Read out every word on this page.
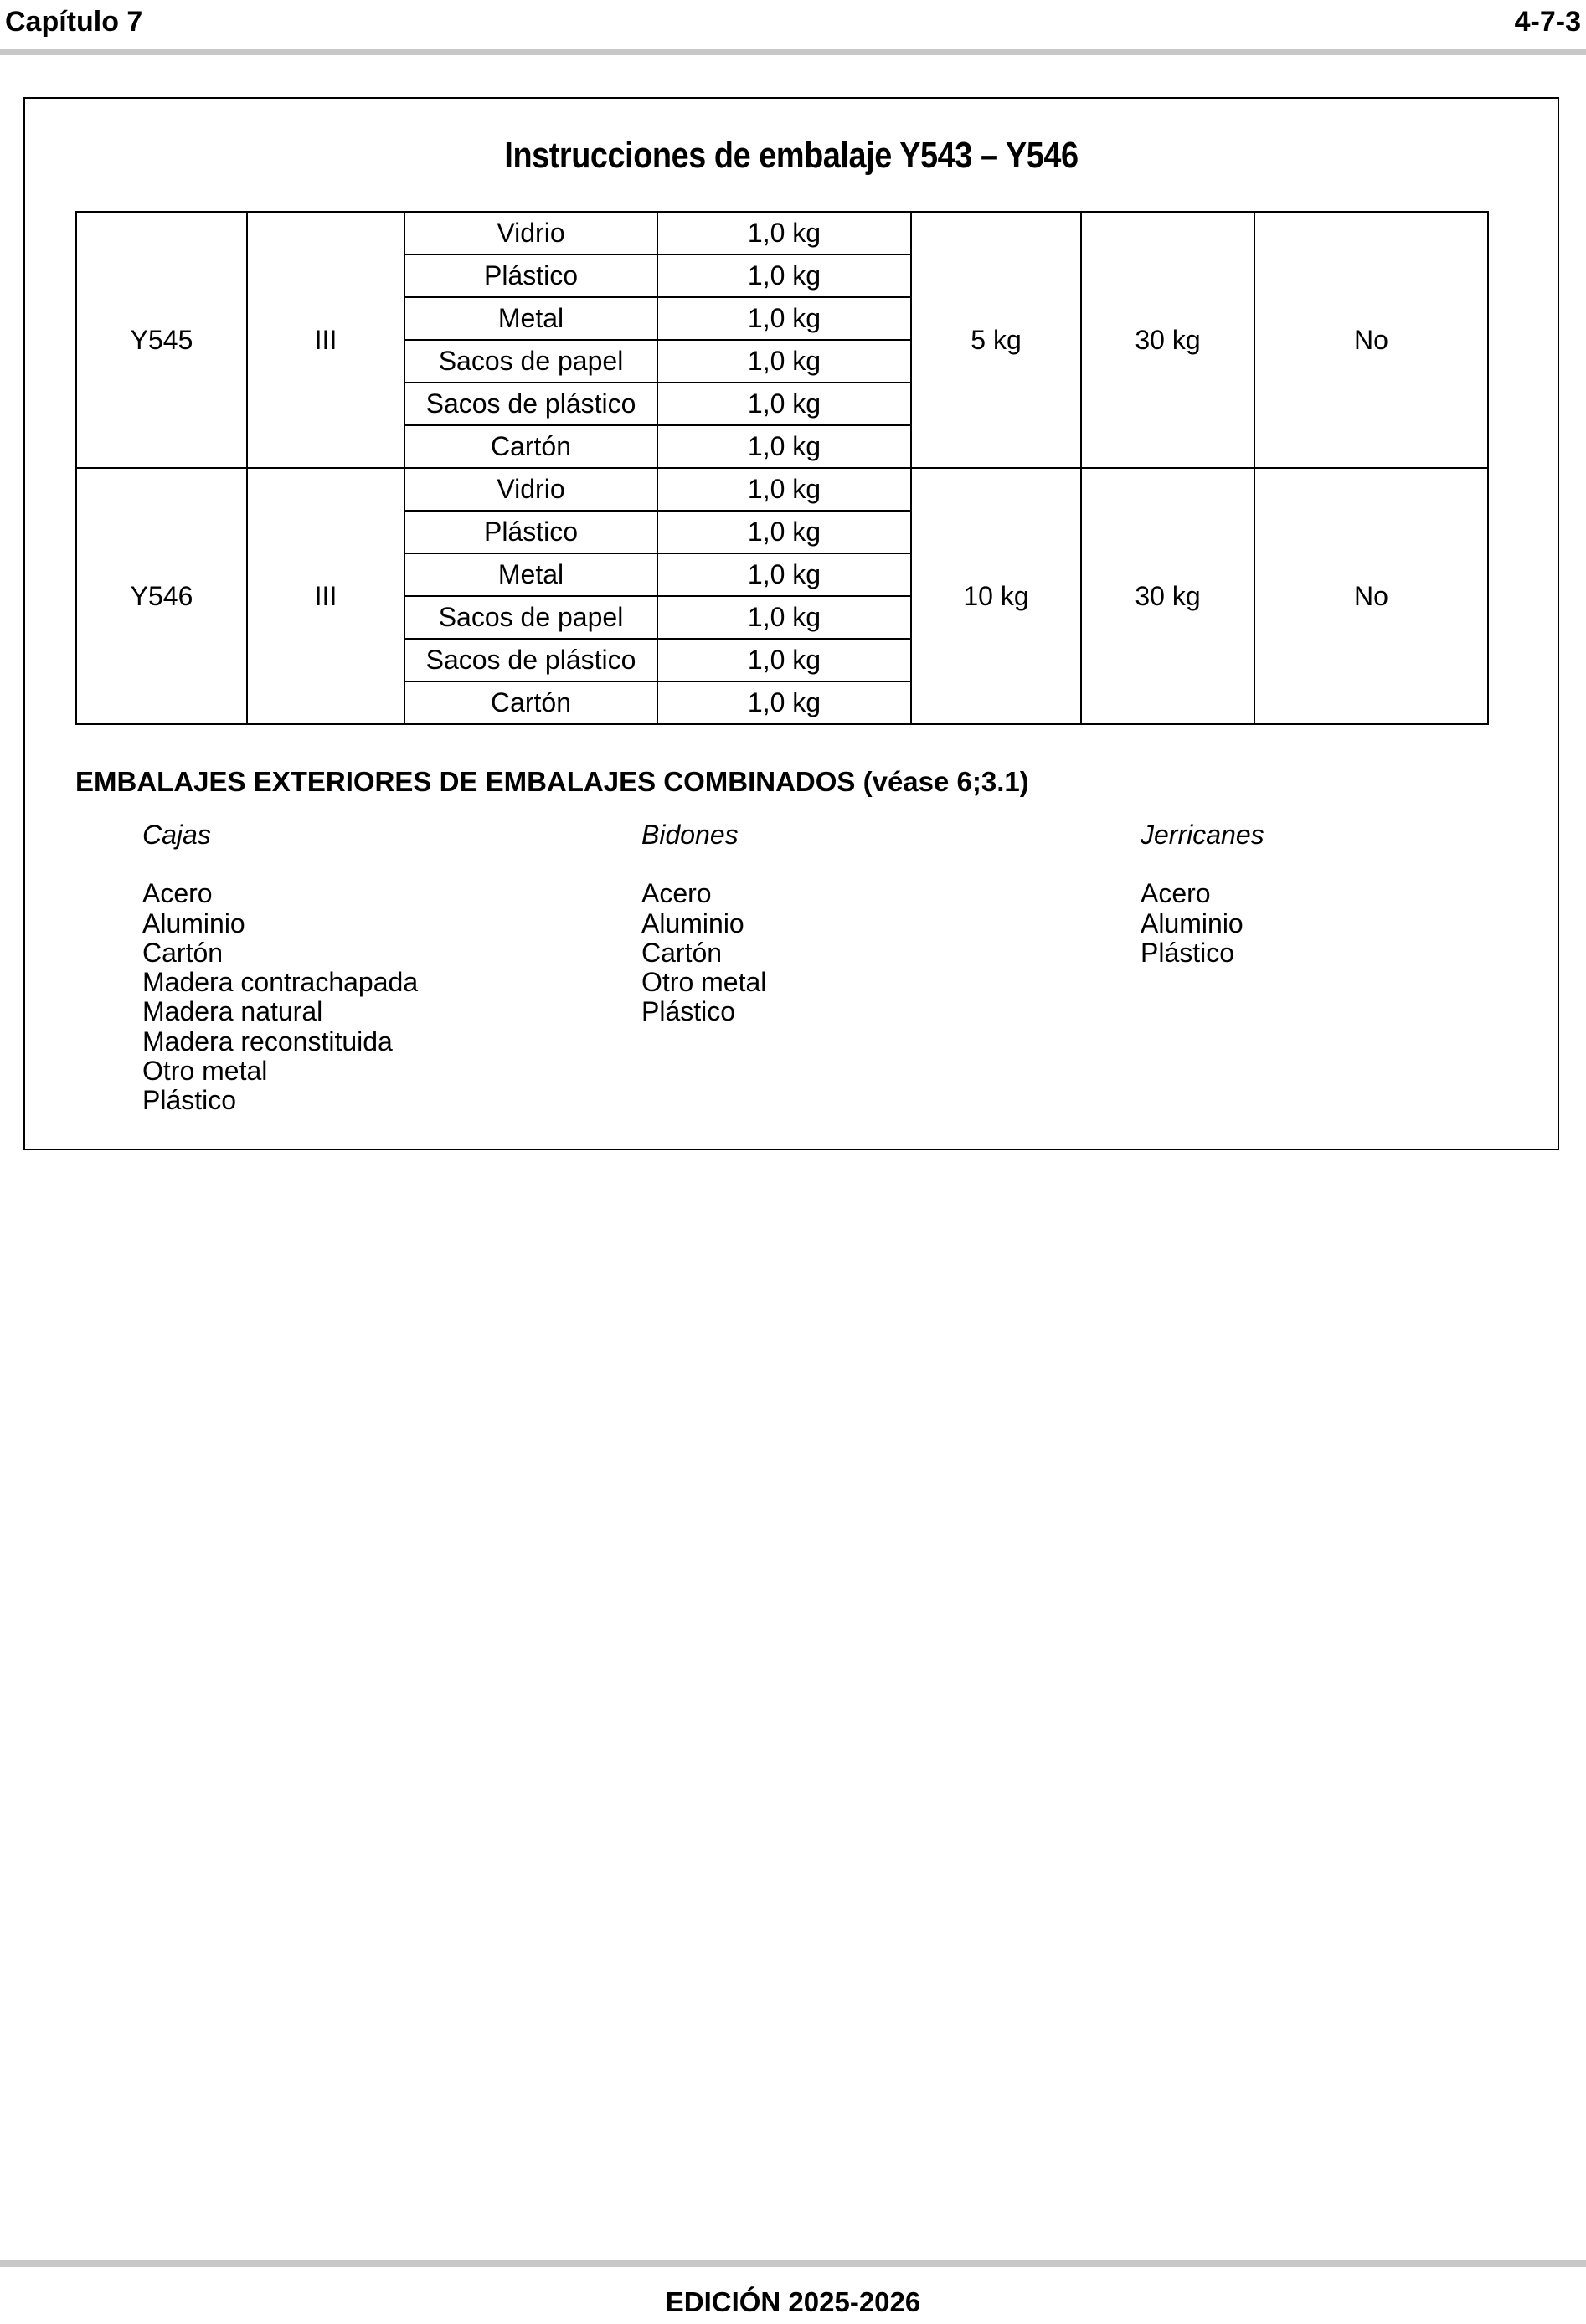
Capítulo 7	4-7-3
Instrucciones de embalaje Y543 – Y546
Y545	III	Vidrio	1,0 kg	5 kg	30 kg	No
		Plástico	1,0 kg			
		Metal	1,0 kg			
		Sacos de papel	1,0 kg			
		Sacos de plástico	1,0 kg			
		Cartón	1,0 kg			
Y546	III	Vidrio	1,0 kg	10 kg	30 kg	No
		Plástico	1,0 kg			
		Metal	1,0 kg			
		Sacos de papel	1,0 kg			
		Sacos de plástico	1,0 kg			
		Cartón	1,0 kg			
EMBALAJES EXTERIORES DE EMBALAJES COMBINADOS (véase 6;3.1)
Cajas
Acero
Aluminio
Cartón
Madera contrachapada
Madera natural
Madera reconstituida
Otro metal
Plástico
Bidones
Acero
Aluminio
Cartón
Otro metal
Plástico
Jerricanes
Acero
Aluminio
Plástico
EDICIÓN 2025-2026
